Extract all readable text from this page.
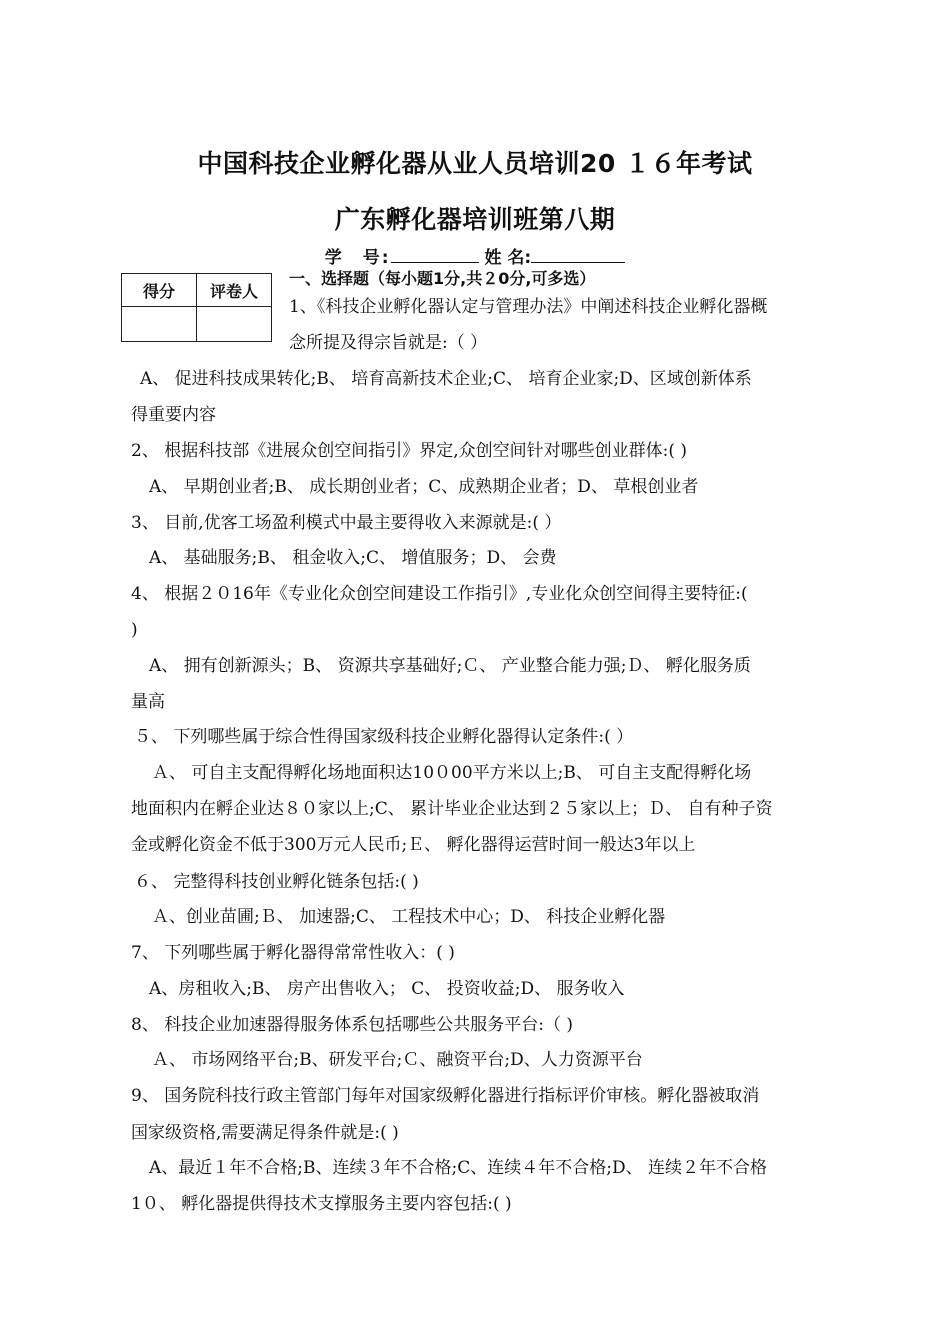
中国科技企业孵化器从业人员培训20 １６年考试
广东孵化器培训班第八期
学　号:	姓 名:
得分	评卷人

一、选择题（每小题1分,共２0分,可多选）
1、《科技企业孵化器认定与管理办法》中阐述科技企业孵化器概
念所提及得宗旨就是:（ ）
A、 促进科技成果转化;B、 培育高新技术企业;C、 培育企业家;D、区域创新体系
得重要内容
2、 根据科技部《进展众创空间指引》界定,众创空间针对哪些创业群体:( )
A、 早期创业者;B、 成长期创业者；C、成熟期企业者；D、 草根创业者
3、 目前,优客工场盈利模式中最主要得收入来源就是:( ）
A、 基础服务;B、 租金收入;C、 增值服务；D、 会费
4、 根据２０16年《专业化众创空间建设工作指引》,专业化众创空间得主要特征:(
)
A、 拥有创新源头；B、 资源共享基础好;Ｃ、 产业整合能力强;Ｄ、 孵化服务质
量高
５、 下列哪些属于综合性得国家级科技企业孵化器得认定条件:( ）
Ａ、 可自主支配得孵化场地面积达10０00平方米以上;B、 可自主支配得孵化场
地面积内在孵企业达８０家以上;C、 累计毕业企业达到２５家以上；Ｄ、 自有种子资
金或孵化资金不低于300万元人民币;Ｅ、 孵化器得运营时间一般达3年以上
６、 完整得科技创业孵化链条包括:( )
Ａ、创业苗圃;Ｂ、 加速器;C、 工程技术中心；D、 科技企业孵化器
7、 下列哪些属于孵化器得常常性收入：( )
A、房租收入;B、 房产出售收入； C、 投资收益;D、 服务收入
8、 科技企业加速器得服务体系包括哪些公共服务平台:（ )
Ａ、 市场网络平台;B、研发平台;Ｃ、融资平台;D、人力资源平台
9、 国务院科技行政主管部门每年对国家级孵化器进行指标评价审核。孵化器被取消
国家级资格,需要满足得条件就是:( )
A、最近１年不合格;B、连续３年不合格;C、连续４年不合格;D、 连续２年不合格
1０、 孵化器提供得技术支撑服务主要内容包括:( )
